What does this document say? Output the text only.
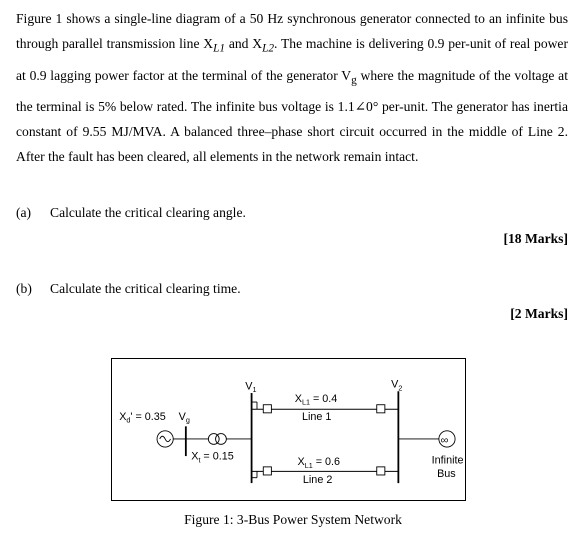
Figure 1 shows a single-line diagram of a 50 Hz synchronous generator connected to an infinite bus through parallel transmission line $X_{L1}$ and $X_{L2}$. The machine is delivering 0.9 per-unit of real power at 0.9 lagging power factor at the terminal of the generator $V_g$ where the magnitude of the voltage at the terminal is 5% below rated. The infinite bus voltage is 1.1∠0° per-unit. The generator has inertia constant of 9.55 MJ/MVA. A balanced three–phase short circuit occurred in the middle of Line 2. After the fault has been cleared, all elements in the network remain intact.

(a) Calculate the critical clearing angle.
[18 Marks]
(b) Calculate the critical clearing time.
[2 Marks]
$X_d' = 0.35$ $V_g$
$X_t = 0.15$
$V_1$	$V_2$
$X_{L1} = 0.4$
Line 1
$X_{L1} = 0.6$
Line 2
∞
Infinite
Bus
Figure 1: 3-Bus Power System Network
